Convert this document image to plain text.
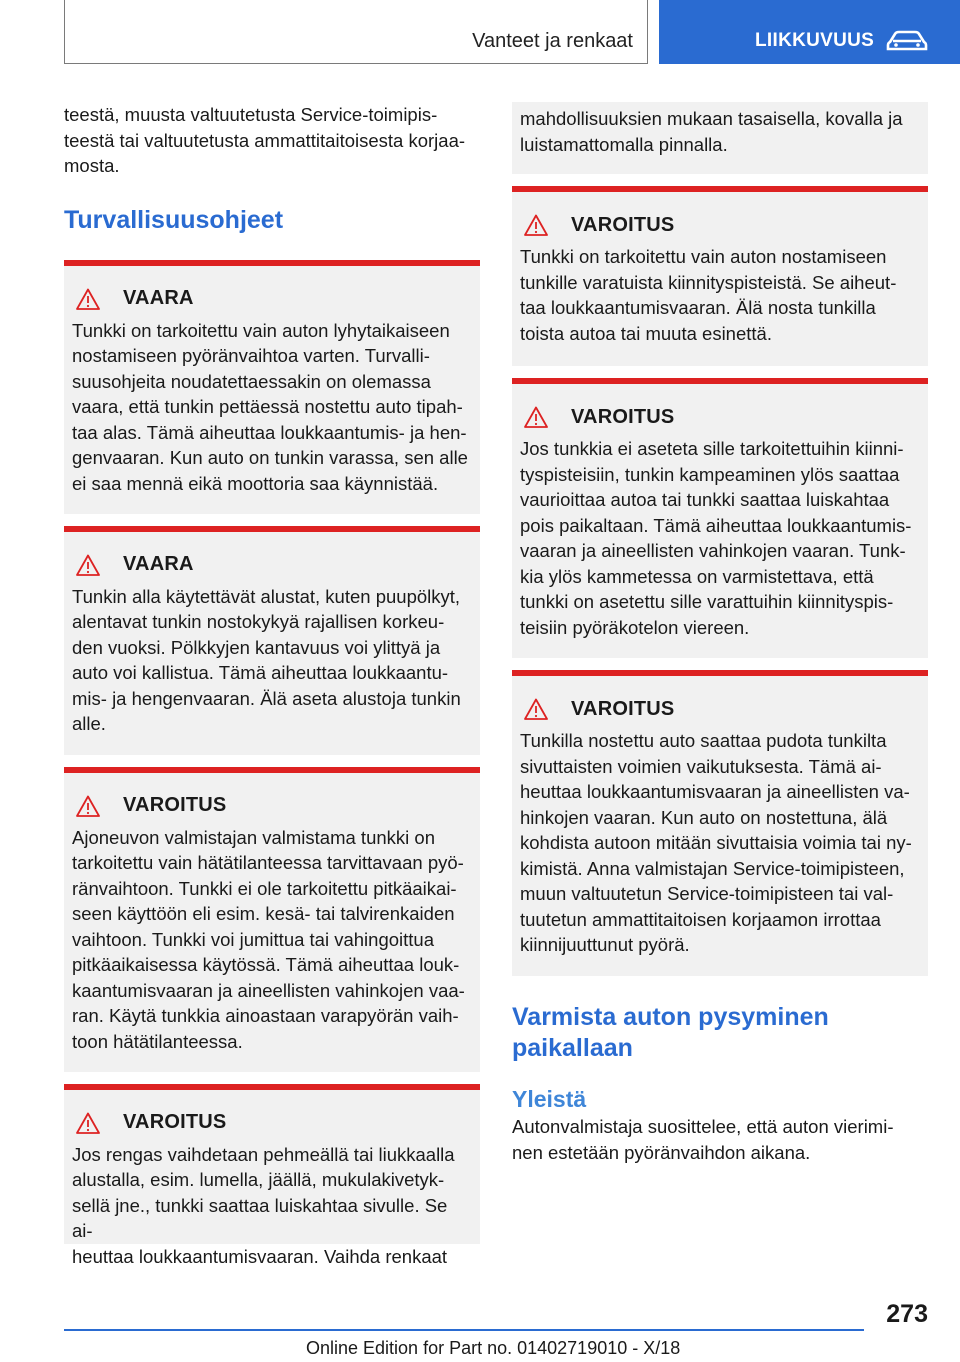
Vanteet ja renkaat	LIIKKUVUUS

teestä, muusta valtuutetusta Service-toimipis-
teestä tai valtuutetusta ammattitaitoisesta korjaa-
mosta.

Turvallisuusohjeet
VAARA

Tunkki on tarkoitettu vain auton lyhytaikaiseen
nostamiseen pyöränvaihtoa varten. Turvalli-
suusohjeita noudatettaessakin on olemassa
vaara, että tunkin pettäessä nostettu auto tipah-
taa alas. Tämä aiheuttaa loukkaantumis- ja hen-
genvaaran. Kun auto on tunkin varassa, sen alle
ei saa mennä eikä moottoria saa käynnistää.

VAARA

Tunkin alla käytettävät alustat, kuten puupölkyt,
alentavat tunkin nostokykyä rajallisen korkeu-
den vuoksi. Pölkkyjen kantavuus voi ylittyä ja
auto voi kallistua. Tämä aiheuttaa loukkaantu-
mis- ja hengenvaaran. Älä aseta alustoja tunkin
alle.

VAROITUS

Ajoneuvon valmistajan valmistama tunkki on
tarkoitettu vain hätätilanteessa tarvittavaan pyö-
ränvaihtoon. Tunkki ei ole tarkoitettu pitkäaikai-
seen käyttöön eli esim. kesä- tai talvirenkaiden
vaihtoon. Tunkki voi jumittua tai vahingoittua
pitkäaikaisessa käytössä. Tämä aiheuttaa louk-
kaantumisvaaran ja aineellisten vahinkojen vaa-
ran. Käytä tunkkia ainoastaan varapyörän vaih-
toon hätätilanteessa.

VAROITUS

Jos rengas vaihdetaan pehmeällä tai liukkaalla
alustalla, esim. lumella, jäällä, mukulakivetyk-
sellä jne., tunkki saattaa luiskahtaa sivulle. Se ai-
heuttaa loukkaantumisvaaran. Vaihda renkaat

mahdollisuuksien mukaan tasaisella, kovalla ja
luistamattomalla pinnalla.

VAROITUS

Tunkki on tarkoitettu vain auton nostamiseen
tunkille varatuista kiinnityspisteistä. Se aiheut-
taa loukkaantumisvaaran. Älä nosta tunkilla
toista autoa tai muuta esinettä.

VAROITUS

Jos tunkkia ei aseteta sille tarkoitettuihin kiinni-
tyspisteisiin, tunkin kampeaminen ylös saattaa
vaurioittaa autoa tai tunkki saattaa luiskahtaa
pois paikaltaan. Tämä aiheuttaa loukkaantumis-
vaaran ja aineellisten vahinkojen vaaran. Tunk-
kia ylös kammetessa on varmistettava, että
tunkki on asetettu sille varattuihin kiinnityspis-
teisiin pyöräkotelon viereen.

VAROITUS

Tunkilla nostettu auto saattaa pudota tunkilta
sivuttaisten voimien vaikutuksesta. Tämä ai-
heuttaa loukkaantumisvaaran ja aineellisten va-
hinkojen vaaran. Kun auto on nostettuna, älä
kohdista autoon mitään sivuttaisia voimia tai ny-
kimistä. Anna valmistajan Service-toimipisteen,
muun valtuutetun Service-toimipisteen tai val-
tuutetun ammattitaitoisen korjaamon irrottaa
kiinnijuuttunut pyörä.

Varmista auton pysyminen
paikallaan
Yleistä

Autonvalmistaja suosittelee, että auton vierimi-
nen estetään pyöränvaihdon aikana.

273
Online Edition for Part no. 01402719010 - X/18
